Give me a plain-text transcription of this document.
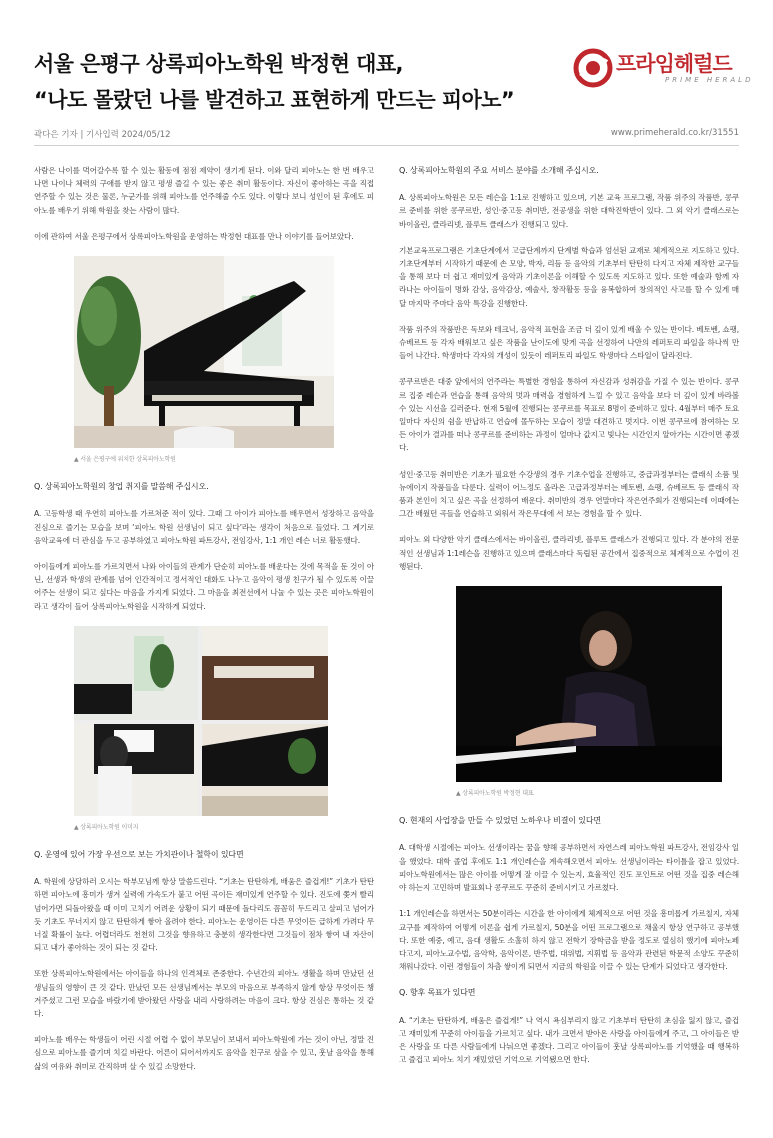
서울 은평구 상록피아노학원 박정현 대표,
“나도 몰랐던 나를 발견하고 표현하게 만드는 피아노”
프라임헤럴드
PRIME HERALD
곽다은 기자 | 기사입력 2024/05/12	www.primeherald.co.kr/31551

사람은 나이를 먹어갈수록 할 수 있는 활동에 점점 제약이 생기게 된다. 이와 달리 피아노는 한 번 배우고 나면 나이나 체력의 구애를 받지 않고 평생 즐길 수 있는 좋은 취미 활동이다. 자신이 좋아하는 곡을 직접 연주할 수 있는 것은 물론, 누군가를 위해 피아노를 연주해줄 수도 있다. 이렇다 보니 성인이 된 후에도 피아노를 배우기 위해 학원을 찾는 사람이 많다.

이에 관하여 서울 은평구에서 상록피아노학원을 운영하는 박정현 대표를 만나 이야기를 들어보았다.

▲ 서울 은평구에 위치한 상록피아노학원

Q. 상록피아노학원의 창업 취지를 말씀해 주십시오.

A. 고등학생 때 우연히 피아노를 가르쳐준 적이 있다. 그때 그 아이가 피아노를 배우면서 성장하고 음악을 진심으로 즐기는 모습을 보며 ‘피아노 학원 선생님이 되고 싶다’라는 생각이 처음으로 들었다. 그 계기로 음악교육에 더 관심을 두고 공부하였고 피아노학원 파트강사, 전임강사, 1:1 개인 레슨 너로 활동했다.

아이들에게 피아노를 가르치면서 나와 아이들의 관계가 단순히 피아노를 배운다는 것에 목적을 둔 것이 아닌, 선생과 학생의 관계를 넘어 인간적이고 정서적인 대화도 나누고 음악이 평생 친구가 될 수 있도록 이끌어주는 선생이 되고 싶다는 마음을 가지게 되었다. 그 마음을 최전선에서 나눌 수 있는 곳은 피아노학원이라고 생각이 들어 상록피아노학원을 시작하게 되었다.

▲ 상록피아노학원 이미지

Q. 운영에 있어 가장 우선으로 보는 가치관이나 철학이 있다면

A. 학원에 상담하러 오시는 학부모님께 항상 말씀드린다. “기초는 탄탄하게, 배움은 즐겁게!” 기초가 탄탄하면 피아노에 흥미가 생겨 실력에 가속도가 붙고 어떤 곡이든 재미있게 연주할 수 있다. 진도에 쫓겨 빨리 넘어가면 되돌아왔을 때 이미 고치기 어려운 상황이 되기 때문에 돌다리도 꼼꼼히 두드리고 살피고 넘어가듯 기초도 무너지지 않고 탄탄하게 쌓아 올려야 한다. 피아노는 운영이든 다른 무엇이든 급하게 가려다 무너질 확률이 높다. 어렵더라도 천천히 그것을 향유하고 충분히 생각한다면 그것들이 점차 쌓여 내 자산이 되고 내가 좋아하는 것이 되는 것 같다.

또한 상록피아노학원에서는 아이들을 하나의 인격체로 존중한다. 수년간의 피아노 생활을 하며 만났던 선생님들의 영향이 큰 것 같다. 만났던 모든 선생님께서는 부모의 마음으로 부족하지 않게 항상 무엇이든 챙겨주셨고 그런 모습을 바랐기에 받아왔던 사랑을 내리 사랑하려는 마음이 크다. 항상 진심은 통하는 것 같다.

피아노를 배우는 학생들이 어린 시절 어렵 수 없이 부모님이 보내서 피아노학원에 가는 것이 아닌, 정말 진심으로 피아노를 즐기며 치길 바란다. 어른이 되어서까지도 음악을 친구로 삼을 수 있고, 훗날 음악을 통해 삶의 여유와 취미로 간직하며 살 수 있길 소망한다.

Q. 상록피아노학원의 주요 서비스 분야를 소개해 주십시오.

A. 상록피아노학원은 모든 레슨을 1:1로 진행하고 있으며, 기본 교육 프로그램, 작품 위주의 작품반, 콩쿠르 준비를 위한 콩쿠르반, 성인·중고등 취미반, 전공생을 위한 대학진학반이 있다. 그 외 악기 클래스로는 바이올린, 클라리넷, 플루트 클래스가 진행되고 있다.

기본교육프로그램은 기초단계에서 고급단계까지 단계별 학습과 엄선된 교재로 체계적으로 지도하고 있다. 기초단계부터 시작하기 때문에 손 모양, 박자, 리듬 등 음악의 기초부터 탄탄히 다지고 자체 제작한 교구들을 통해 보다 더 쉽고 재미있게 음악과 기초이론을 이해할 수 있도록 지도하고 있다. 또한 예술과 함께 자라나는 아이들이 명화 감상, 음악감상, 예술사, 창작활동 등을 융복합하여 창의적인 사고를 할 수 있게 매달 마지막 주마다 음악 특강을 진행한다.

작품 위주의 작품반은 독보와 테크닉, 음악적 표현을 조금 더 깊이 있게 배울 수 있는 반이다. 베토벤, 쇼팽, 슈베르트 등 각자 배워보고 싶은 작품을 난이도에 맞게 곡을 선정하여 나만의 레퍼토리 파일을 하나씩 만들어 나간다. 학생마다 각자의 개성이 있듯이 레퍼토리 파일도 학생마다 스타일이 달라진다.

콩쿠르반은 대중 앞에서의 연주라는 특별한 경험을 통하여 자신감과 성취감을 가질 수 있는 반이다. 콩쿠르 집중 레슨과 연습을 통해 음악의 멋과 매력을 경험하게 느낄 수 있고 음악을 보다 더 깊이 있게 바라볼 수 있는 시선을 길러준다. 현재 5월에 진행되는 콩쿠르를 목표로 8명이 준비하고 있다. 4월부터 매주 토요일마다 자신의 쉼을 반납하고 연습에 몰두하는 모습이 정말 대견하고 멋지다. 이번 콩쿠르에 참여하는 모든 아이가 결과를 떠나 콩쿠르를 준비하는 과정이 얼마나 값지고 빛나는 시간인지 알아가는 시간이면 좋겠다.

성인·중고등 취미반은 기초가 필요한 수강생의 경우 기초수업을 진행하고, 중급과정부터는 클래식 소품 및 뉴에이지 작품들을 다룬다. 실력이 어느정도 올라온 고급과정부터는 베토벤, 쇼팽, 슈베르트 등 클래식 작품과 본인이 치고 싶은 곡을 선정하여 배운다. 취미반의 경우 연말마다 작은연주회가 진행되는데 이때에는 그간 배웠던 곡들을 연습하고 외워서 작은무대에 서 보는 경험을 할 수 있다.

피아노 외 다양한 악기 클래스에서는 바이올린, 클라리넷, 플루트 클래스가 진행되고 있다. 각 분야의 전문적인 선생님과 1:1레슨을 진행하고 있으며 클래스마다 독립된 공간에서 집중적으로 체계적으로 수업이 진행된다.

▲ 상록피아노학원 박정현 대표

Q. 현재의 사업장을 만들 수 있었던 노하우나 비결이 있다면

A. 대학생 시절에는 피아노 선생이라는 꿈을 향해 공부하면서 자연스레 피아노학원 파트강사, 전임강사 일을 했었다. 대학 졸업 후에도 1:1 개인레슨을 계속해오면서 피아노 선생님이라는 타이틀을 잡고 있었다. 피아노학원에서는 많은 아이를 어떻게 잘 이끌 수 있는지, 효율적인 진도 포인트로 어떤 것을 집중 레슨해야 하는지 고민하며 발표회나 콩쿠르도 꾸준히 준비시키고 가르쳤다.

1:1 개인레슨을 하면서는 50분이라는 시간을 한 아이에게 체계적으로 어떤 것을 흥미롭게 가르칠지, 자체 교구를 제작하여 어떻게 이론을 쉽게 가르칠지, 50분을 어떤 프로그램으로 채울지 항상 연구하고 공부했다. 또한 예중, 예고, 음대 생활도 소홀히 하지 않고 전학기 장학금을 받을 정도로 열심히 했기에 피아노페다고지, 피아노교수법, 음악학, 음악이론, 반주법, 대위법, 지휘법 등 음악과 관련된 학문적 소양도 꾸준히 채워나갔다. 이런 경험들이 차츰 쌓이게 되면서 지금의 학원을 이끌 수 있는 단계가 되었다고 생각한다.

Q. 향후 목표가 있다면

A. “기초는 탄탄하게, 배움은 즐겁게!” 나 역시 욕심부리지 않고 기초부터 탄탄히 초심을 잃지 않고, 즐겁고 재미있게 꾸준히 아이들을 가르치고 싶다. 내가 크면서 받아온 사랑을 아이들에게 주고, 그 아이들은 받은 사랑을 또 다른 사람들에게 나눠으면 좋겠다. 그리고 아이들이 훗날 상록피아노를 기억했을 때 행복하고 즐겁고 피아노 치기 재밌었던 기억으로 기억됐으면 한다.
